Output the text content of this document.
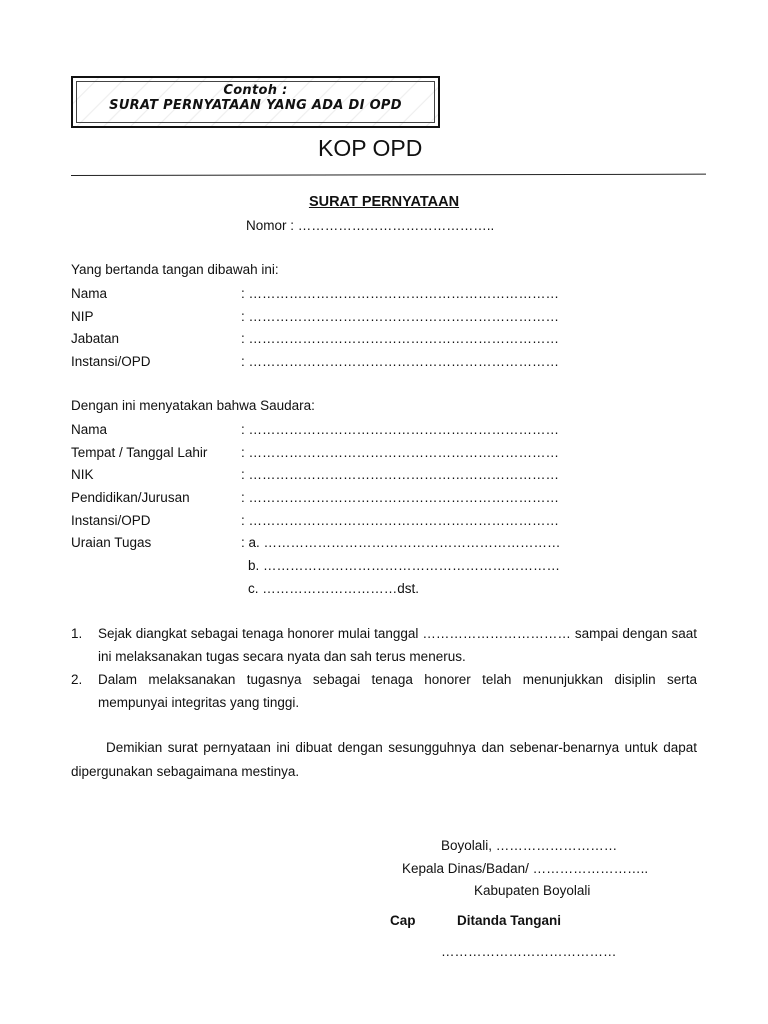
Contoh :
SURAT PERNYATAAN YANG ADA DI OPD
KOP OPD
SURAT PERNYATAAN
Nomor : ……………………………………..
Yang bertanda tangan dibawah ini:
Nama	: ……………………………………………………………
NIP	: ……………………………………………………………
Jabatan	: ……………………………………………………………
Instansi/OPD	: ……………………………………………………………
Dengan ini menyatakan bahwa Saudara:
Nama	: ……………………………………………………………
Tempat / Tanggal Lahir : ……………………………………………………………
NIK	: ……………………………………………………………
Pendidikan/Jurusan	: ……………………………………………………………
Instansi/OPD	: ……………………………………………………………
Uraian Tugas	: a. …………………………………………………………
b. …………………………………………………………
c. …………………………dst.
1. Sejak diangkat sebagai tenaga honorer mulai tanggal …………………………… sampai dengan saat ini melaksanakan tugas secara nyata dan sah terus menerus.
2. Dalam melaksanakan tugasnya sebagai tenaga honorer telah menunjukkan disiplin serta mempunyai integritas yang tinggi.
Demikian surat pernyataan ini dibuat dengan sesungguhnya dan sebenar-benarnya untuk dapat dipergunakan sebagaimana mestinya.
Boyolali, ………………………
Kepala Dinas/Badan/ ……………………..
Kabupaten Boyolali
Cap	Ditanda Tangani
…………………………………
